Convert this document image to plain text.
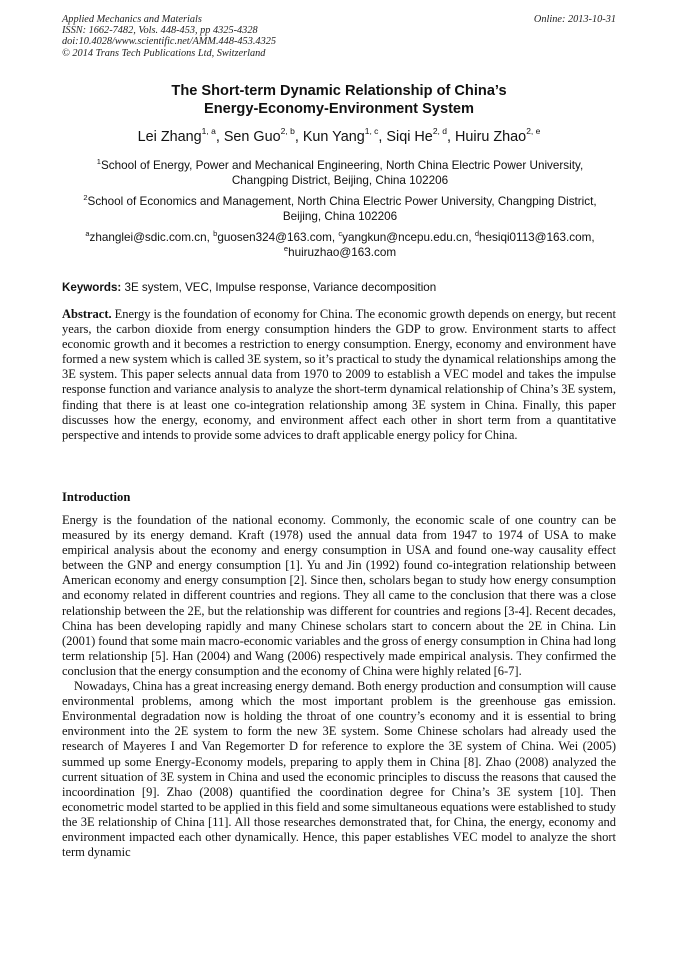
Applied Mechanics and Materials
ISSN: 1662-7482, Vols. 448-453, pp 4325-4328
doi:10.4028/www.scientific.net/AMM.448-453.4325
© 2014 Trans Tech Publications Ltd, Switzerland
Online: 2013-10-31
The Short-term Dynamic Relationship of China’s
Energy-Economy-Environment System
Lei Zhang$^{1, a}$, Sen Guo$^{2, b}$, Kun Yang$^{1, c}$, Siqi He$^{2, d}$, Huiru Zhao$^{2, e}$
$^1$School of Energy, Power and Mechanical Engineering, North China Electric Power University,
Changping District, Beijing, China 102206
$^2$School of Economics and Management, North China Electric Power University, Changping District,
Beijing, China 102206
$^a$zhanglei@sdic.com.cn, $^b$guosen324@163.com, $^c$yangkun@ncepu.edu.cn, $^d$hesiqi0113@163.com,
$^e$huiruzhao@163.com
Keywords: 3E system, VEC, Impulse response, Variance decomposition
Abstract. Energy is the foundation of economy for China. The economic growth depends on energy, but recent years, the carbon dioxide from energy consumption hinders the GDP to grow. Environment starts to affect economic growth and it becomes a restriction to energy consumption. Energy, economy and environment have formed a new system which is called 3E system, so it’s practical to study the dynamical relationships among the 3E system. This paper selects annual data from 1970 to 2009 to establish a VEC model and takes the impulse response function and variance analysis to analyze the short-term dynamical relationship of China’s 3E system, finding that there is at least one co-integration relationship among 3E system in China. Finally, this paper discusses how the energy, economy, and environment affect each other in short term from a quantitative perspective and intends to provide some advices to draft applicable energy policy for China.
Introduction

Energy is the foundation of the national economy. Commonly, the economic scale of one country can be measured by its energy demand. Kraft (1978) used the annual data from 1947 to 1974 of USA to make empirical analysis about the economy and energy consumption in USA and found one-way causality effect between the GNP and energy consumption [1]. Yu and Jin (1992) found co-integration relationship between American economy and energy consumption [2]. Since then, scholars began to study how energy consumption and economy related in different countries and regions. They all came to the conclusion that there was a close relationship between the 2E, but the relationship was different for countries and regions [3-4]. Recent decades, China has been developing rapidly and many Chinese scholars start to concern about the 2E in China. Lin (2001) found that some main macro-economic variables and the gross of energy consumption in China had long term relationship [5]. Han (2004) and Wang (2006) respectively made empirical analysis. They confirmed the conclusion that the energy consumption and the economy of China were highly related [6-7].

Nowadays, China has a great increasing energy demand. Both energy production and consumption will cause environmental problems, among which the most important problem is the greenhouse gas emission. Environmental degradation now is holding the throat of one country’s economy and it is essential to bring environment into the 2E system to form the new 3E system. Some Chinese scholars had already used the research of Mayeres I and Van Regemorter D for reference to explore the 3E system of China. Wei (2005) summed up some Energy-Economy models, preparing to apply them in China [8]. Zhao (2008) analyzed the current situation of 3E system in China and used the economic principles to discuss the reasons that caused the incoordination [9]. Zhao (2008) quantified the coordination degree for China’s 3E system [10]. Then econometric model started to be applied in this field and some simultaneous equations were established to study the 3E relationship of China [11]. All those researches demonstrated that, for China, the energy, economy and environment impacted each other dynamically. Hence, this paper establishes VEC model to analyze the short term dynamic
